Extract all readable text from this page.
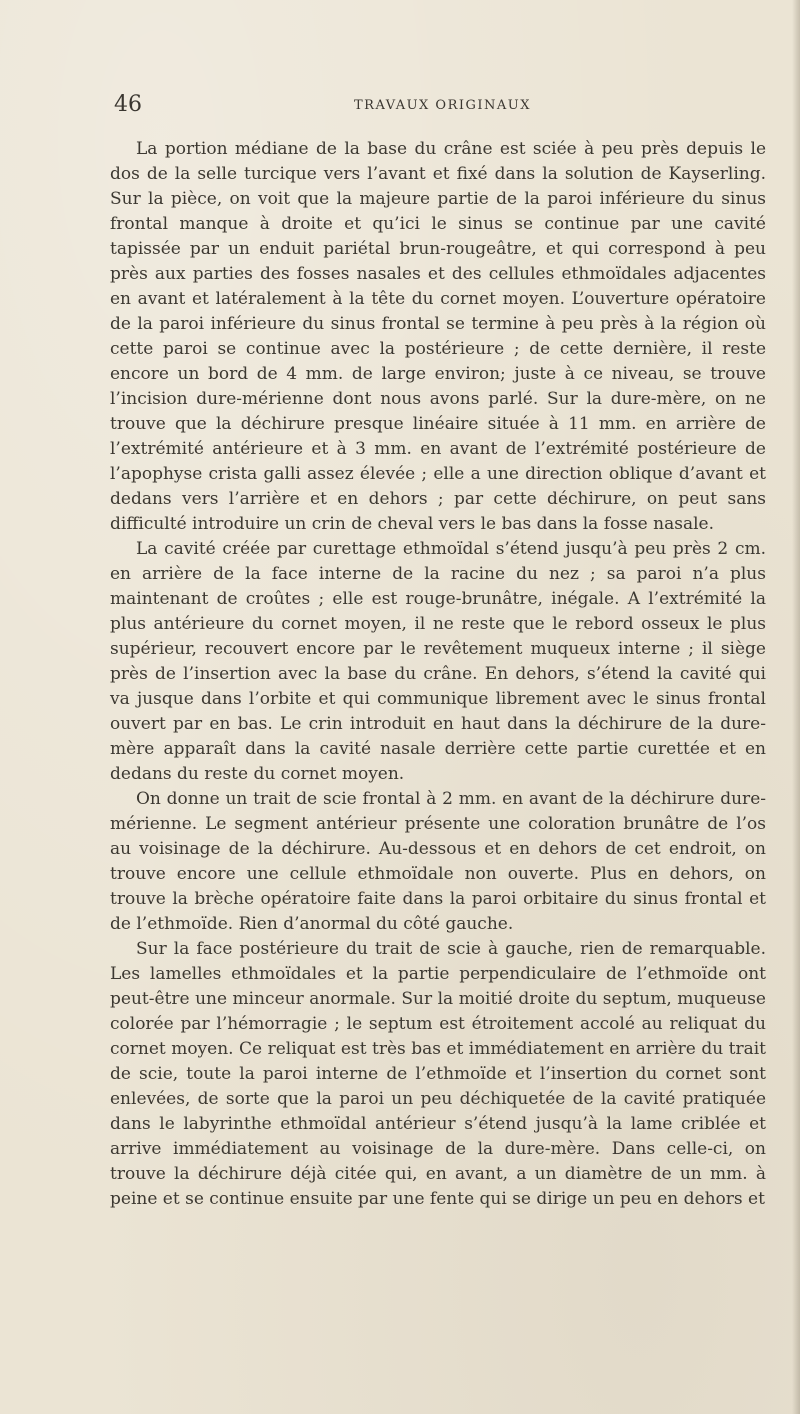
46	TRAVAUX ORIGINAUX

La portion médiane de la base du crâne est sciée à peu près depuis le dos de la selle turcique vers l’avant et fixé dans la solution de Kayserling. Sur la pièce, on voit que la majeure partie de la paroi inférieure du sinus frontal manque à droite et qu’ici le sinus se continue par une cavité tapissée par un enduit pariétal brun-rougeâtre, et qui correspond à peu près aux parties des fosses nasales et des cellules ethmoïdales adjacentes en avant et latéralement à la tête du cornet moyen. L’ouverture opératoire de la paroi inférieure du sinus frontal se termine à peu près à la région où cette paroi se continue avec la postérieure ; de cette dernière, il reste encore un bord de 4 mm. de large environ; juste à ce niveau, se trouve l’incision dure-mérienne dont nous avons parlé. Sur la dure-mère, on ne trouve que la déchirure presque linéaire située à 11 mm. en arrière de l’extrémité antérieure et à 3 mm. en avant de l’extrémité postérieure de l’apophyse crista galli assez élevée ; elle a une direction oblique d’avant et dedans vers l’arrière et en dehors ; par cette déchirure, on peut sans difficulté introduire un crin de cheval vers le bas dans la fosse nasale.

La cavité créée par curettage ethmoïdal s’étend jusqu’à peu près 2 cm. en arrière de la face interne de la racine du nez ; sa paroi n’a plus maintenant de croûtes ; elle est rouge-brunâtre, inégale. A l’extrémité la plus antérieure du cornet moyen, il ne reste que le rebord osseux le plus supérieur, recouvert encore par le revêtement muqueux interne ; il siège près de l’insertion avec la base du crâne. En dehors, s’étend la cavité qui va jusque dans l’orbite et qui communique librement avec le sinus frontal ouvert par en bas. Le crin introduit en haut dans la déchirure de la dure-mère apparaît dans la cavité nasale derrière cette partie curettée et en dedans du reste du cornet moyen.

On donne un trait de scie frontal à 2 mm. en avant de la déchirure dure-mérienne. Le segment antérieur présente une coloration brunâtre de l’os au voisinage de la déchirure. Au-dessous et en dehors de cet endroit, on trouve encore une cellule ethmoïdale non ouverte. Plus en dehors, on trouve la brèche opératoire faite dans la paroi orbitaire du sinus frontal et de l’ethmoïde. Rien d’anormal du côté gauche.

Sur la face postérieure du trait de scie à gauche, rien de remarquable. Les lamelles ethmoïdales et la partie perpendiculaire de l’ethmoïde ont peut-être une minceur anormale. Sur la moitié droite du septum, muqueuse colorée par l’hémorragie ; le septum est étroitement accolé au reliquat du cornet moyen. Ce reliquat est très bas et immédiatement en arrière du trait de scie, toute la paroi interne de l’ethmoïde et l’insertion du cornet sont enlevées, de sorte que la paroi un peu déchiquetée de la cavité pratiquée dans le labyrinthe ethmoïdal antérieur s’étend jusqu’à la lame criblée et arrive immédiatement au voisinage de la dure-mère. Dans celle-ci, on trouve la déchirure déjà citée qui, en avant, a un diamètre de un mm. à peine et se continue ensuite par une fente qui se dirige un peu en dehors et
